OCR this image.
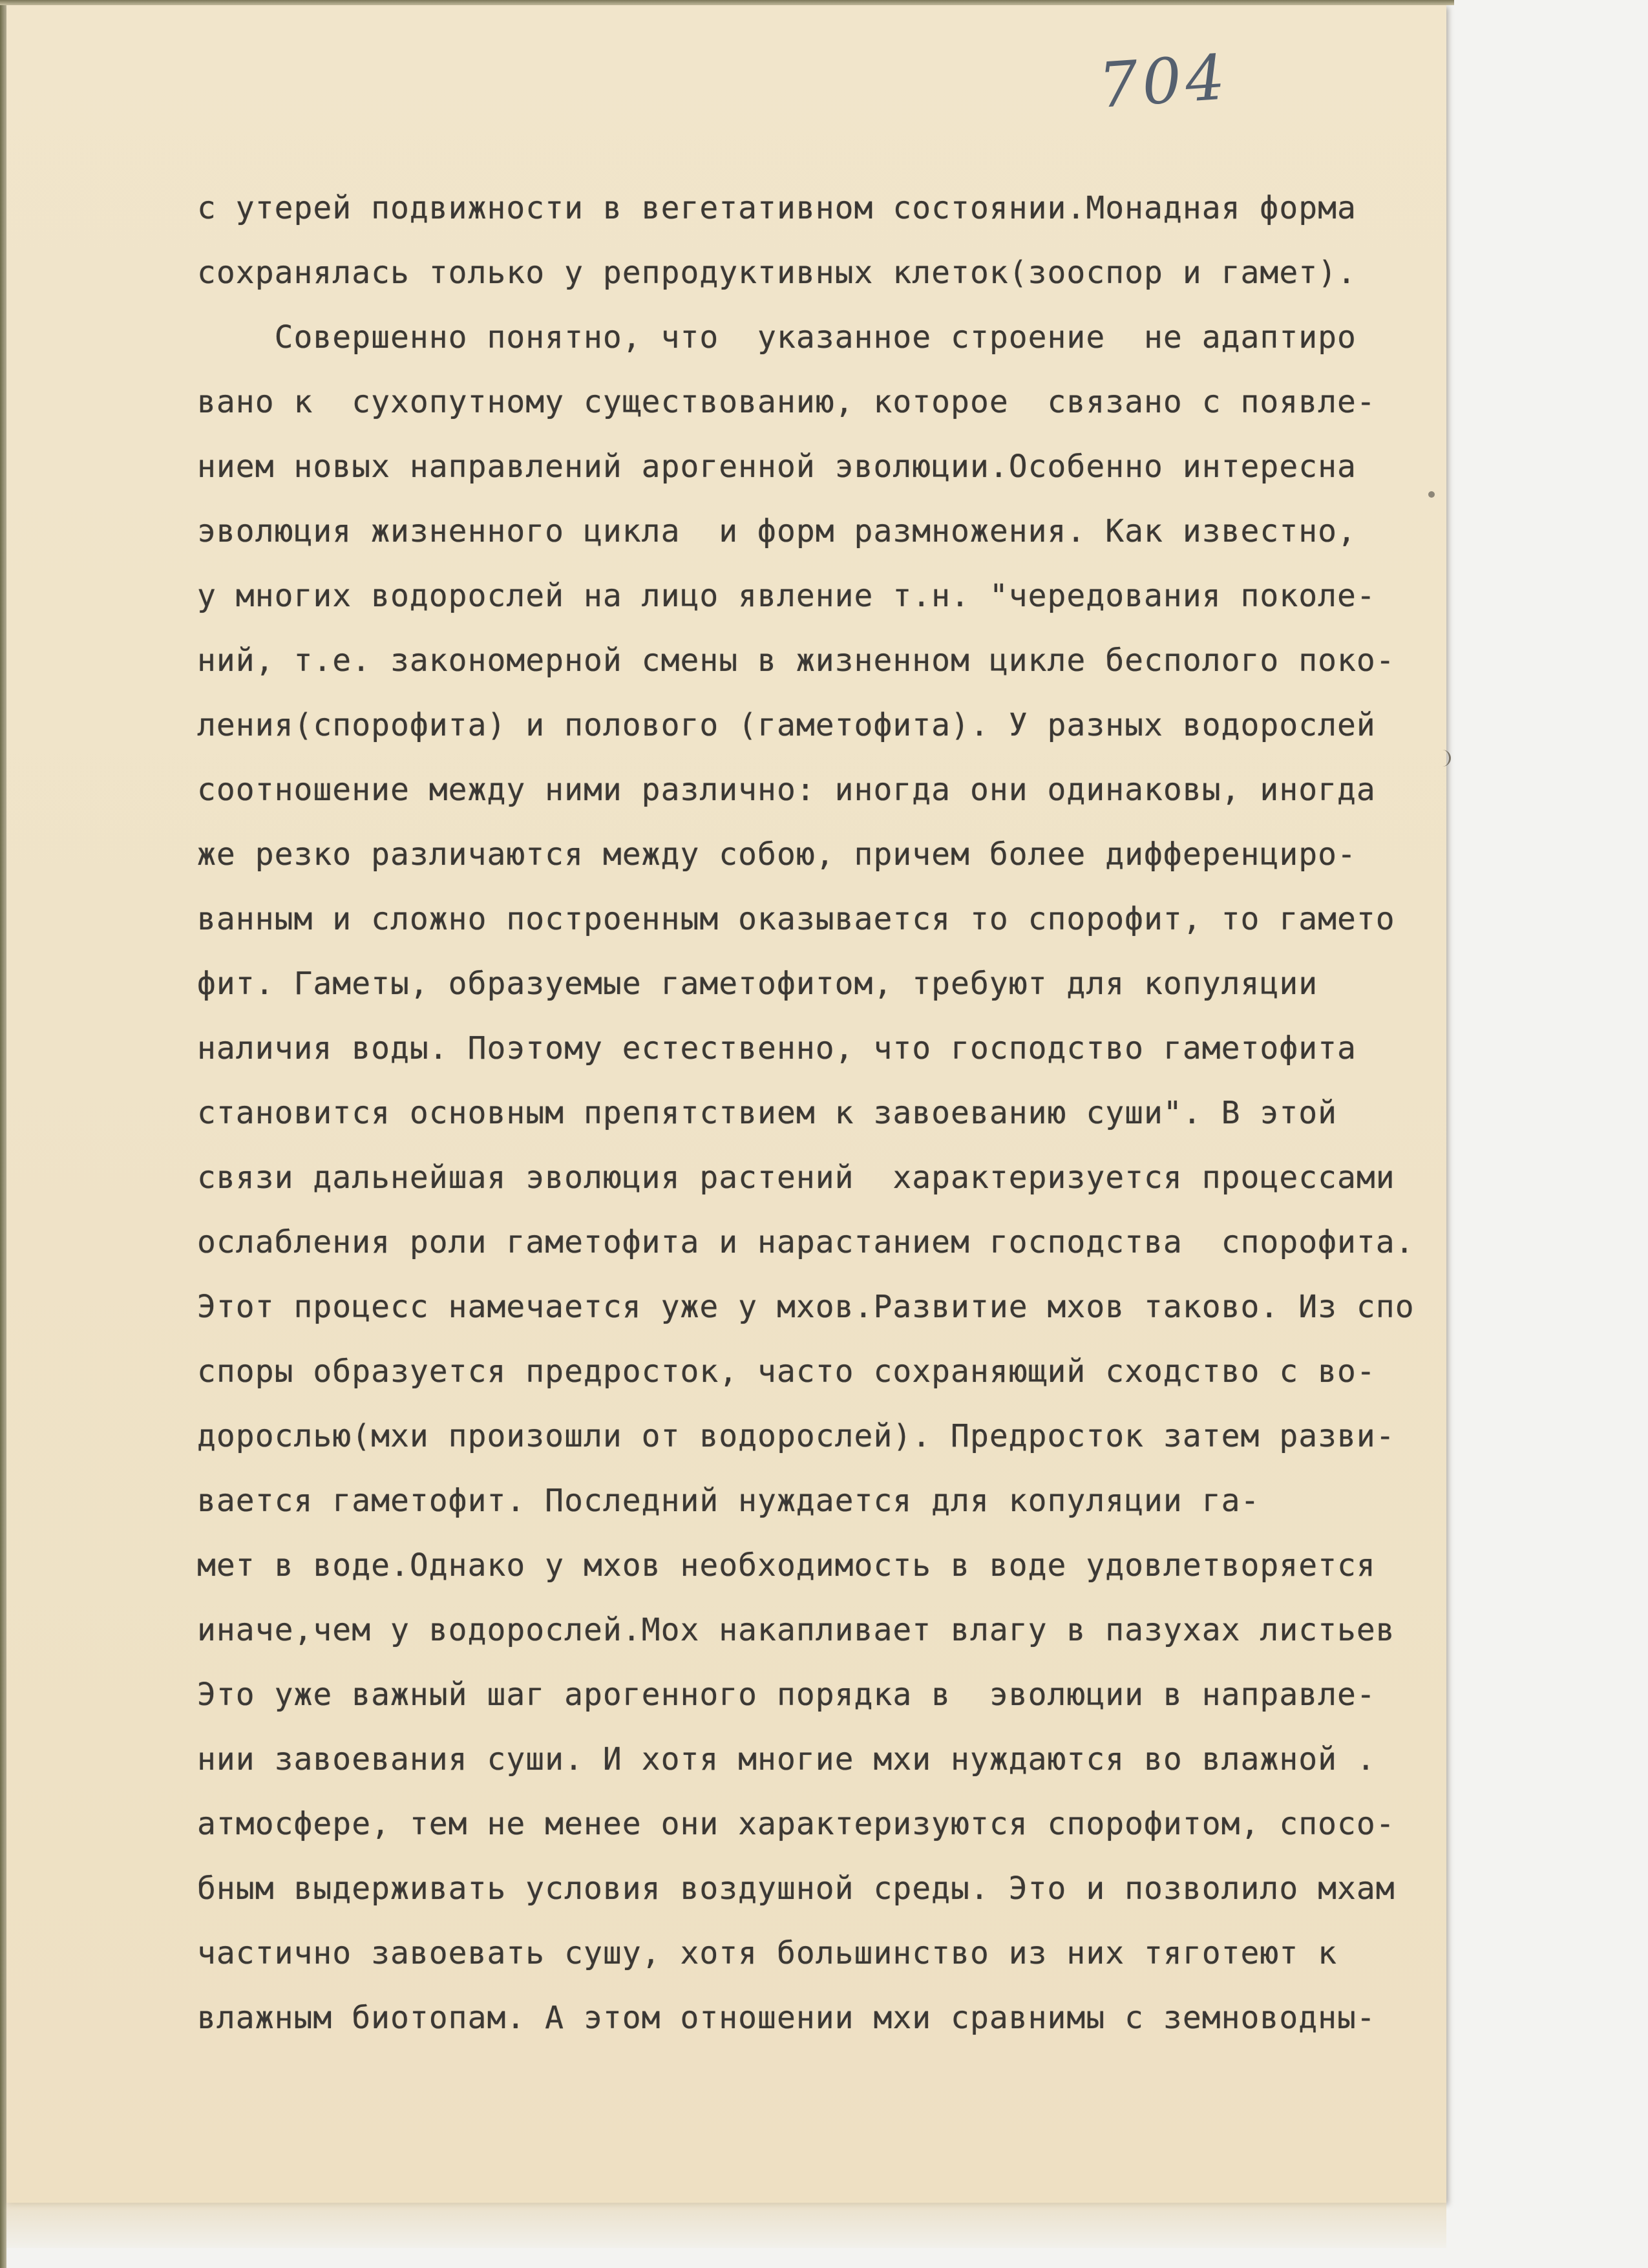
704
с утерей подвижности в вегетативном состоянии.Монадная форма
сохранялась только у репродуктивных клеток(зооспор и гамет).
Совершенно понятно, что  указанное строение  не адаптиро
вано к  сухопутному существованию, которое  связано с появле-
нием новых направлений арогенной эволюции.Особенно интересна
эволюция жизненного цикла  и форм размножения. Как известно,
у многих водорослей на лицо явление т.н. "чередования поколе-
ний, т.е. закономерной смены в жизненном цикле бесполого поко-
ления(спорофита) и полового (гаметофита). У разных водорослей
соотношение между ними различно: иногда они одинаковы, иногда
же резко различаются между собою, причем более дифференциро-
ванным и сложно построенным оказывается то спорофит, то гамето
фит. Гаметы, образуемые гаметофитом, требуют для копуляции
наличия воды. Поэтому естественно, что господство гаметофита
становится основным препятствием к завоеванию суши". В этой
связи дальнейшая эволюция растений  характеризуется процессами
ослабления роли гаметофита и нарастанием господства  спорофита.
Этот процесс намечается уже у мхов.Развитие мхов таково. Из спо
споры образуется предросток, часто сохраняющий сходство с во-
дорослью(мхи произошли от водорослей). Предросток затем разви-
вается гаметофит. Последний нуждается для копуляции га-
мет в воде.Однако у мхов необходимость в воде удовлетворяется
иначе,чем у водорослей.Мох накапливает влагу в пазухах листьев
Это уже важный шаг арогенного порядка в  эволюции в направле-
нии завоевания суши. И хотя многие мхи нуждаются во влажной .
атмосфере, тем не менее они характеризуются спорофитом, спосо-
бным выдерживать условия воздушной среды. Это и позволило мхам
частично завоевать сушу, хотя большинство из них тяготеют к
влажным биотопам. А этом отношении мхи сравнимы с земноводны-
